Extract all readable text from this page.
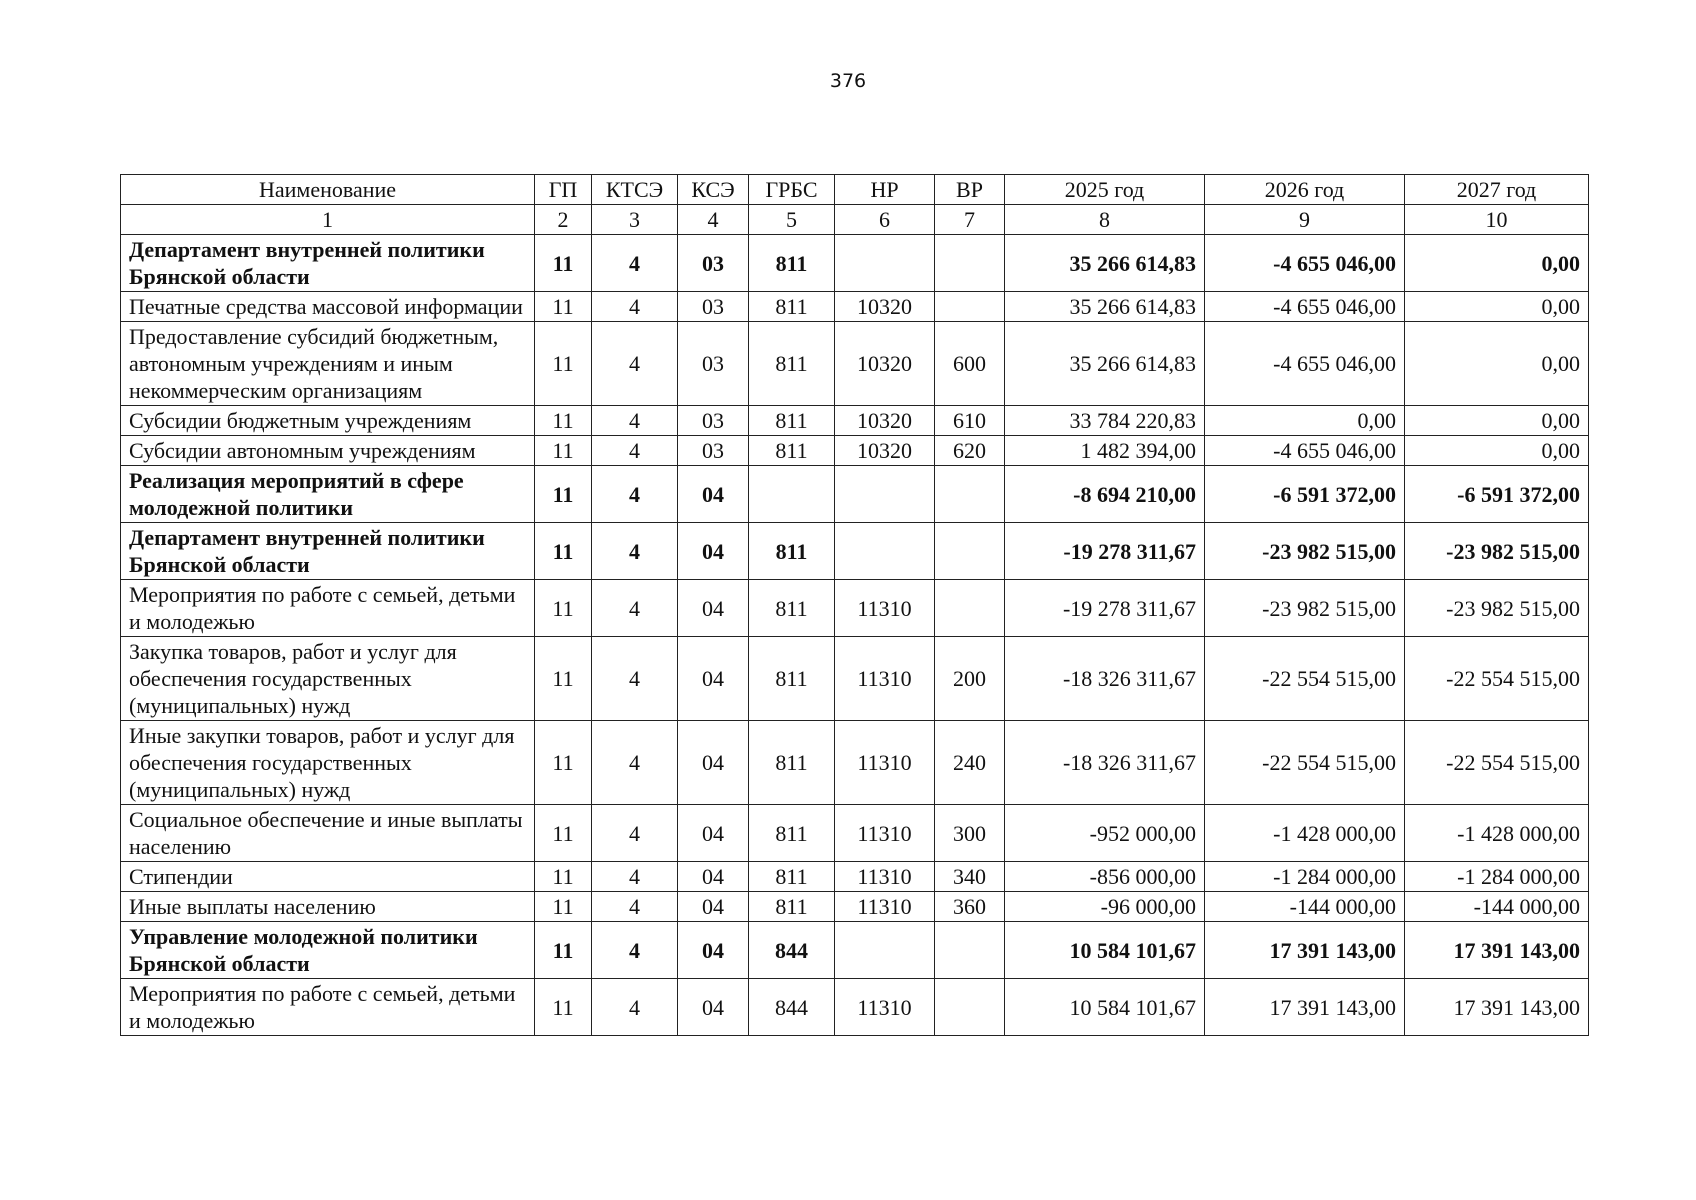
376
Наименование	ГП	КТСЭ	КСЭ	ГРБС	НР	ВР	2025 год	2026 год	2027 год
1	2	3	4	5	6	7	8	9	10
Департамент внутренней политики Брянской области	11	4	03	811			35 266 614,83	-4 655 046,00	0,00
Печатные средства массовой информации	11	4	03	811	10320		35 266 614,83	-4 655 046,00	0,00
Предоставление субсидий бюджетным, автономным учреждениям и иным некоммерческим организациям	11	4	03	811	10320	600	35 266 614,83	-4 655 046,00	0,00
Субсидии бюджетным учреждениям	11	4	03	811	10320	610	33 784 220,83	0,00	0,00
Субсидии автономным учреждениям	11	4	03	811	10320	620	1 482 394,00	-4 655 046,00	0,00
Реализация мероприятий в сфере молодежной политики	11	4	04				-8 694 210,00	-6 591 372,00	-6 591 372,00
Департамент внутренней политики Брянской области	11	4	04	811			-19 278 311,67	-23 982 515,00	-23 982 515,00
Мероприятия по работе с семьей, детьми и молодежью	11	4	04	811	11310		-19 278 311,67	-23 982 515,00	-23 982 515,00
Закупка товаров, работ и услуг для обеспечения государственных (муниципальных) нужд	11	4	04	811	11310	200	-18 326 311,67	-22 554 515,00	-22 554 515,00
Иные закупки товаров, работ и услуг для обеспечения государственных (муниципальных) нужд	11	4	04	811	11310	240	-18 326 311,67	-22 554 515,00	-22 554 515,00
Социальное обеспечение и иные выплаты населению	11	4	04	811	11310	300	-952 000,00	-1 428 000,00	-1 428 000,00
Стипендии	11	4	04	811	11310	340	-856 000,00	-1 284 000,00	-1 284 000,00
Иные выплаты населению	11	4	04	811	11310	360	-96 000,00	-144 000,00	-144 000,00
Управление молодежной политики Брянской области	11	4	04	844			10 584 101,67	17 391 143,00	17 391 143,00
Мероприятия по работе с семьей, детьми и молодежью	11	4	04	844	11310		10 584 101,67	17 391 143,00	17 391 143,00
